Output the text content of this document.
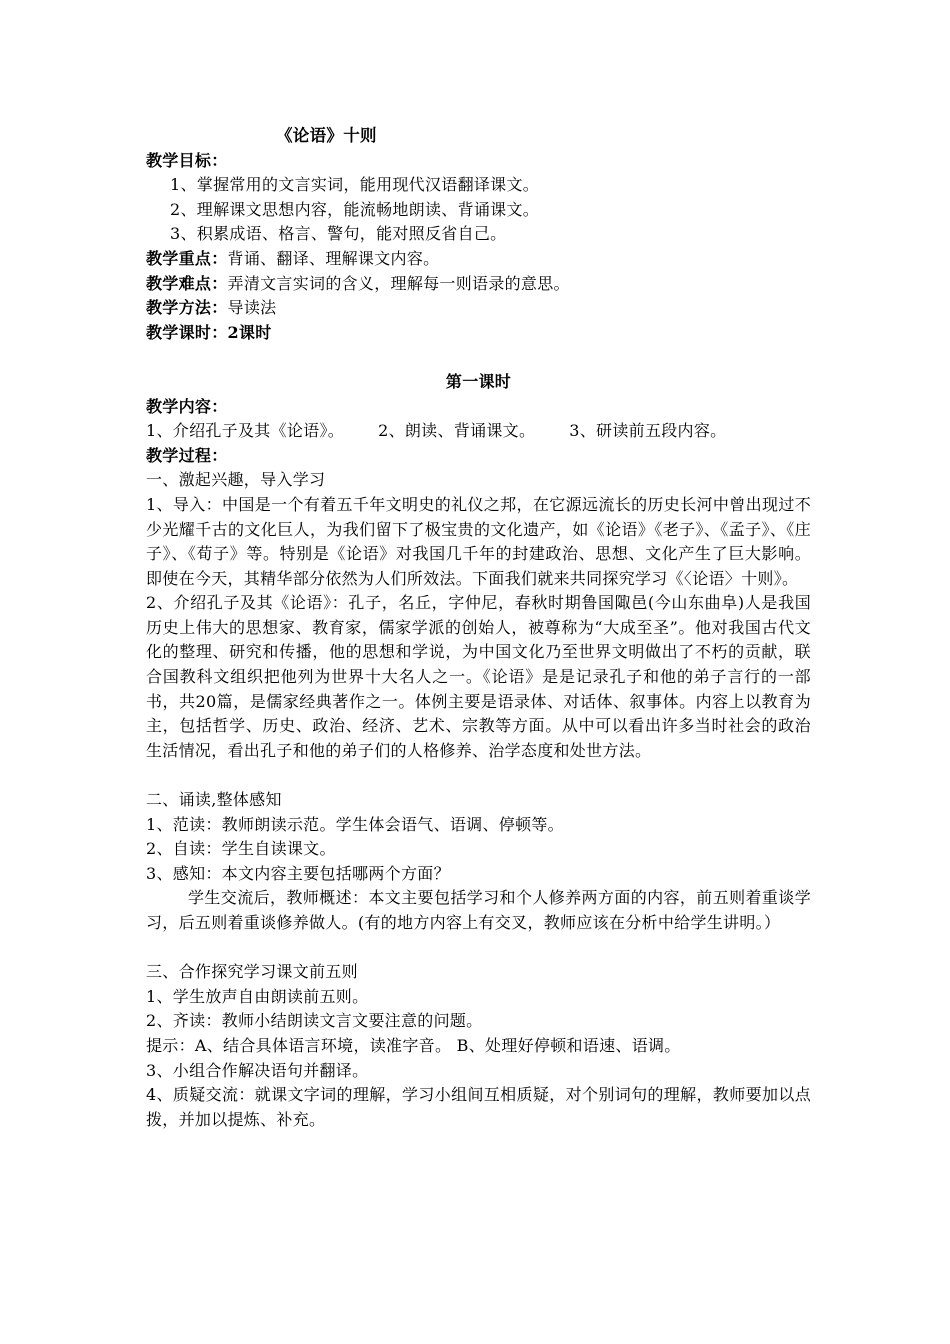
《论语》十则
教学目标：
1、掌握常用的文言实词，能用现代汉语翻译课文。
2、理解课文思想内容，能流畅地朗读、背诵课文。
3、积累成语、格言、警句，能对照反省自己。
教学重点：背诵、翻译、理解课文内容。
教学难点：弄清文言实词的含义，理解每一则语录的意思。
教学方法：导读法
教学课时：2课时
第一课时
教学内容：
1、介绍孔子及其《论语》。 2、朗读、背诵课文。 3、研读前五段内容。
教学过程：
一、激起兴趣，导入学习
1、导入：中国是一个有着五千年文明史的礼仪之邦，在它源远流长的历史长河中曾出现过不少光耀千古的文化巨人，为我们留下了极宝贵的文化遗产，如《论语》《老子》、《孟子》、《庄子》、《荀子》等。特别是《论语》对我国几千年的封建政治、思想、文化产生了巨大影响。即使在今天，其精华部分依然为人们所效法。下面我们就来共同探究学习《〈论语〉十则》。
2、介绍孔子及其《论语》：孔子，名丘，字仲尼，春秋时期鲁国陬邑(今山东曲阜)人是我国历史上伟大的思想家、教育家，儒家学派的创始人，被尊称为“大成至圣”。他对我国古代文化的整理、研究和传播，他的思想和学说，为中国文化乃至世界文明做出了不朽的贡献，联合国教科文组织把他列为世界十大名人之一。《论语》是是记录孔子和他的弟子言行的一部书，共20篇，是儒家经典著作之一。体例主要是语录体、对话体、叙事体。内容上以教育为主，包括哲学、历史、政治、经济、艺术、宗教等方面。从中可以看出许多当时社会的政治生活情况，看出孔子和他的弟子们的人格修养、治学态度和处世方法。
二、诵读,整体感知
1、范读：教师朗读示范。学生体会语气、语调、停顿等。
2、自读：学生自读课文。
3、感知：本文内容主要包括哪两个方面？
学生交流后，教师概述：本文主要包括学习和个人修养两方面的内容，前五则着重谈学习，后五则着重谈修养做人。(有的地方内容上有交叉，教师应该在分析中给学生讲明。）
三、合作探究学习课文前五则
1、学生放声自由朗读前五则。
2、齐读：教师小结朗读文言文要注意的问题。
提示：A、结合具体语言环境，读准字音。 B、处理好停顿和语速、语调。
3、小组合作解决语句并翻译。
4、质疑交流：就课文字词的理解，学习小组间互相质疑，对个别词句的理解，教师要加以点拨，并加以提炼、补充。
